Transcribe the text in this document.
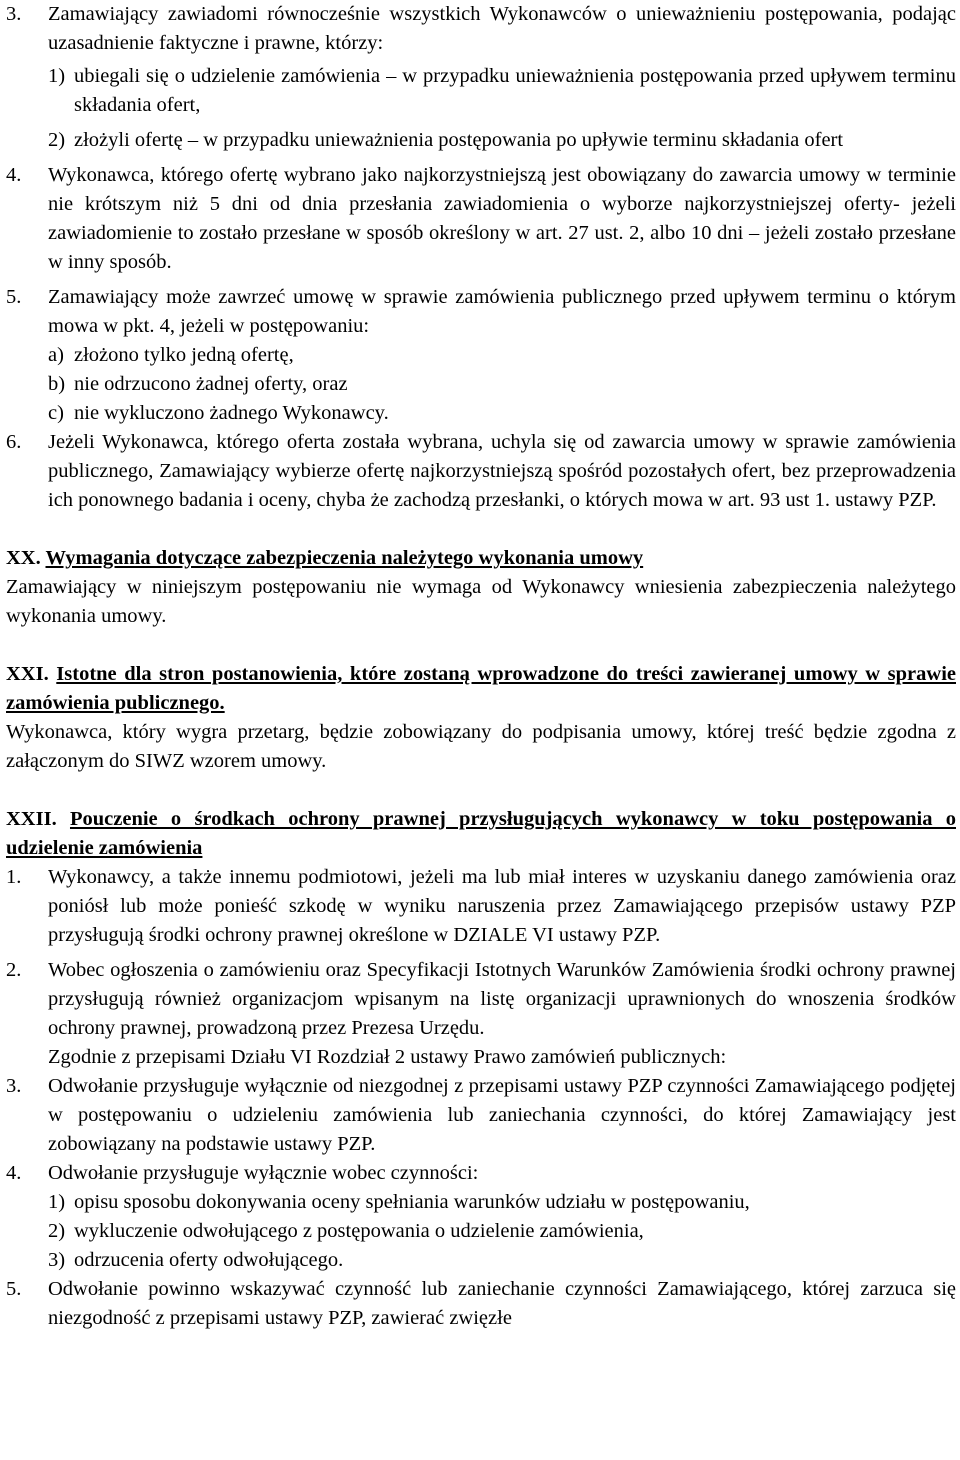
3. Zamawiający zawiadomi równocześnie wszystkich Wykonawców o unieważnieniu postępowania, podając uzasadnienie faktyczne i prawne, którzy:
1) ubiegali się o udzielenie zamówienia – w przypadku unieważnienia postępowania przed upływem terminu składania ofert,
2) złożyli ofertę – w przypadku unieważnienia postępowania po upływie terminu składania ofert
4. Wykonawca, którego ofertę wybrano jako najkorzystniejszą jest obowiązany do zawarcia umowy w terminie nie krótszym niż 5 dni od dnia przesłania zawiadomienia o wyborze najkorzystniejszej oferty- jeżeli zawiadomienie to zostało przesłane w sposób określony w art. 27 ust. 2, albo 10 dni – jeżeli zostało przesłane w inny sposób.
5. Zamawiający może zawrzeć umowę w sprawie zamówienia publicznego przed upływem terminu o którym mowa w pkt. 4, jeżeli w postępowaniu:
a) złożono tylko jedną ofertę,
b) nie odrzucono żadnej oferty, oraz
c) nie wykluczono żadnego Wykonawcy.
6. Jeżeli Wykonawca, którego oferta została wybrana, uchyla się od zawarcia umowy w sprawie zamówienia publicznego, Zamawiający wybierze ofertę najkorzystniejszą spośród pozostałych ofert, bez przeprowadzenia ich ponownego badania i oceny, chyba że zachodzą przesłanki, o których mowa w art. 93 ust 1. ustawy PZP.
XX. Wymagania dotyczące zabezpieczenia należytego wykonania umowy
Zamawiający w niniejszym postępowaniu nie wymaga od Wykonawcy wniesienia zabezpieczenia należytego wykonania umowy.
XXI. Istotne dla stron postanowienia, które zostaną wprowadzone do treści zawieranej umowy w sprawie zamówienia publicznego.
Wykonawca, który wygra przetarg, będzie zobowiązany do podpisania umowy, której treść będzie zgodna z załączonym do SIWZ wzorem umowy.
XXII. Pouczenie o środkach ochrony prawnej przysługujących wykonawcy w toku postępowania o udzielenie zamówienia
1. Wykonawcy, a także innemu podmiotowi, jeżeli ma lub miał interes w uzyskaniu danego zamówienia oraz poniósł lub może ponieść szkodę w wyniku naruszenia przez Zamawiającego przepisów ustawy PZP przysługują środki ochrony prawnej określone w DZIALE VI ustawy PZP.
2. Wobec ogłoszenia o zamówieniu oraz Specyfikacji Istotnych Warunków Zamówienia środki ochrony prawnej przysługują również organizacjom wpisanym na listę organizacji uprawnionych do wnoszenia środków ochrony prawnej, prowadzoną przez Prezesa Urzędu.
Zgodnie z przepisami Działu VI Rozdział 2 ustawy Prawo zamówień publicznych:
3. Odwołanie przysługuje wyłącznie od niezgodnej z przepisami ustawy PZP czynności Zamawiającego podjętej w postępowaniu o udzieleniu zamówienia lub zaniechania czynności, do której Zamawiający jest zobowiązany na podstawie ustawy PZP.
4. Odwołanie przysługuje wyłącznie wobec czynności:
1) opisu sposobu dokonywania oceny spełniania warunków udziału w postępowaniu,
2) wykluczenie odwołującego z postępowania o udzielenie zamówienia,
3) odrzucenia oferty odwołującego.
5. Odwołanie powinno wskazywać czynność lub zaniechanie czynności Zamawiającego, której zarzuca się niezgodność z przepisami ustawy PZP, zawierać zwięzłe
